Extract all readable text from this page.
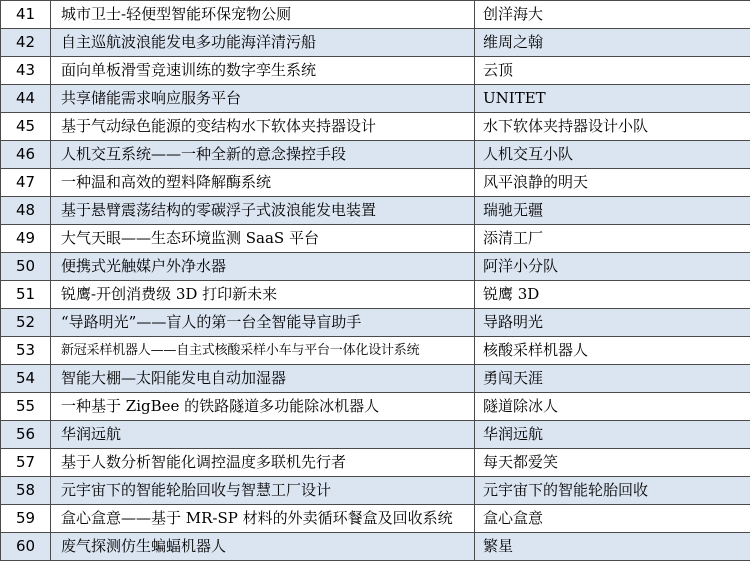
41	城市卫士-轻便型智能环保宠物公厕	创洋海大
42	自主巡航波浪能发电多功能海洋清污船	维周之翰
43	面向单板滑雪竞速训练的数字孪生系统	云顶
44	共享储能需求响应服务平台	UNITET
45	基于气动绿色能源的变结构水下软体夹持器设计	水下软体夹持器设计小队
46	人机交互系统——一种全新的意念操控手段	人机交互小队
47	一种温和高效的塑料降解酶系统	风平浪静的明天
48	基于悬臂震荡结构的零碳浮子式波浪能发电装置	瑞驰无疆
49	大气天眼——生态环境监测 SaaS 平台	添清工厂
50	便携式光触媒户外净水器	阿洋小分队
51	锐鹰-开创消费级 3D 打印新未来	锐鹰 3D
52	“导路明光”——盲人的第一台全智能导盲助手	导路明光
53	新冠采样机器人——自主式核酸采样小车与平台一体化设计系统	核酸采样机器人
54	智能大棚—太阳能发电自动加湿器	勇闯天涯
55	一种基于 ZigBee 的铁路隧道多功能除冰机器人	隧道除冰人
56	华润远航	华润远航
57	基于人数分析智能化调控温度多联机先行者	每天都爱笑
58	元宇宙下的智能轮胎回收与智慧工厂设计	元宇宙下的智能轮胎回收
59	盒心盒意——基于 MR-SP 材料的外卖循环餐盒及回收系统	盒心盒意
60	废气探测仿生蝙蝠机器人	繁星
